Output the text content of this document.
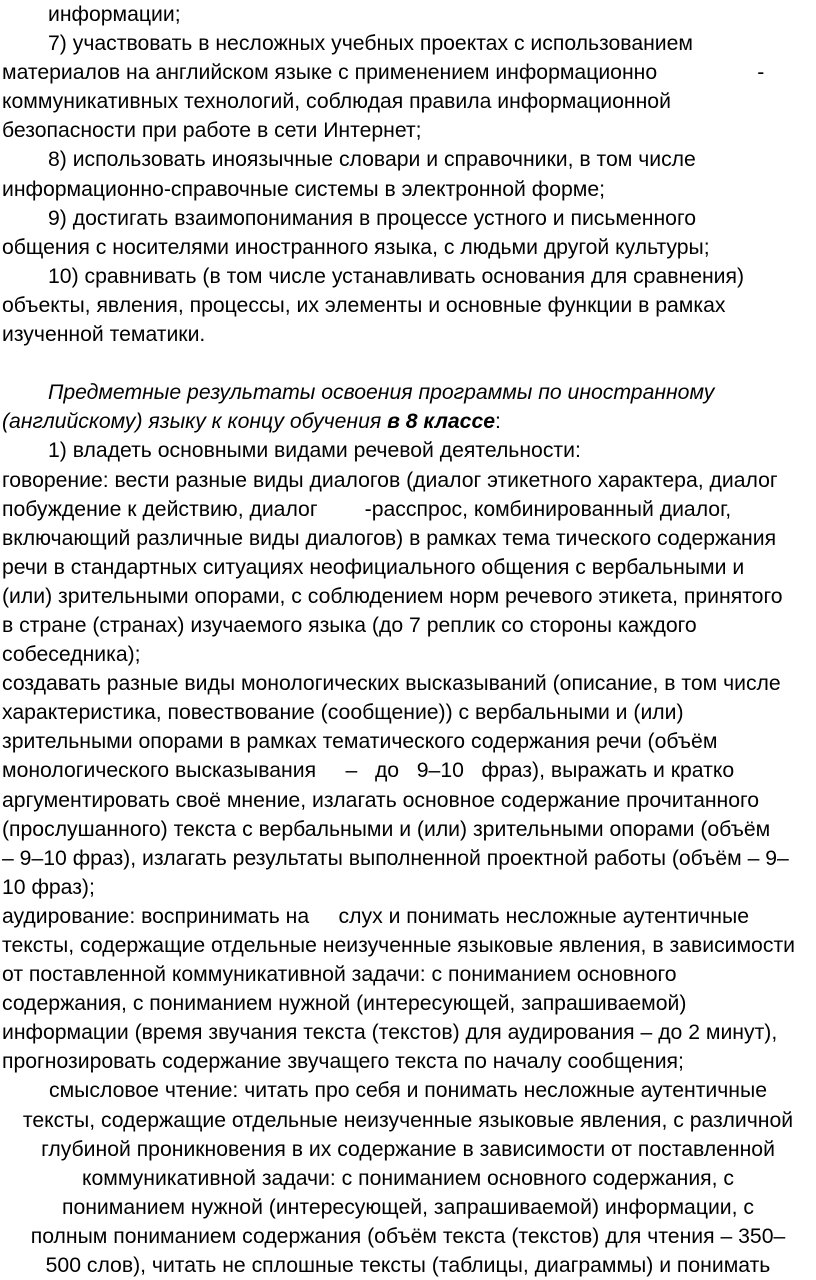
информации;
7) участвовать в несложных учебных проектах с использованием
материалов на английском языке с применением информационно                 -
коммуникативных технологий, соблюдая правила информационной
безопасности при работе в сети Интернет;
8) использовать иноязычные словари и справочники, в том числе
информационно-справочные системы в электронной форме;
9) достигать взаимопонимания в процессе устного и письменного
общения с носителями иностранного языка, с людьми другой культуры;
10) сравнивать (в том числе устанавливать основания для сравнения)
объекты, явления, процессы, их элементы и основные функции в рамках
изученной тематики.
Предметные результаты освоения программы по иностранному
(английскому) языку к концу обучения в 8 классе:
1) владеть основными видами речевой деятельности:
говорение: вести разные виды диалогов (диалог этикетного характера, диалог
побуждение к действию, диалог        -расспрос, комбинированный диалог,
включающий различные виды диалогов) в рамках тема тического содержания
речи в стандартных ситуациях неофициального общения с вербальными и
(или) зрительными опорами, с соблюдением норм речевого этикета, принятого
в стране (странах) изучаемого языка (до 7 реплик со стороны каждого
собеседника);
создавать разные виды монологических высказываний (описание, в том числе
характеристика, повествование (сообщение)) с вербальными и (или)
зрительными опорами в рамках тематического содержания речи (объём
монологического высказывания     –   до   9–10   фраз), выражать и кратко
аргументировать своё мнение, излагать основное содержание прочитанного
(прослушанного) текста с вербальными и (или) зрительными опорами (объём
– 9–10 фраз), излагать результаты выполненной проектной работы (объём – 9–
10 фраз);
аудирование: воспринимать на     слух и понимать несложные аутентичные
тексты, содержащие отдельные неизученные языковые явления, в зависимости
от поставленной коммуникативной задачи: с пониманием основного
содержания, с пониманием нужной (интересующей, запрашиваемой)
информации (время звучания текста (текстов) для аудирования – до 2 минут),
прогнозировать содержание звучащего текста по началу сообщения;
смысловое чтение: читать про себя и понимать несложные аутентичные
тексты, содержащие отдельные неизученные языковые явления, с различной
глубиной проникновения в их содержание в зависимости от поставленной
коммуникативной задачи: с пониманием основного содержания, с
пониманием нужной (интересующей, запрашиваемой) информации, с
полным пониманием содержания (объём текста (текстов) для чтения – 350–
500 слов), читать не сплошные тексты (таблицы, диаграммы) и понимать
